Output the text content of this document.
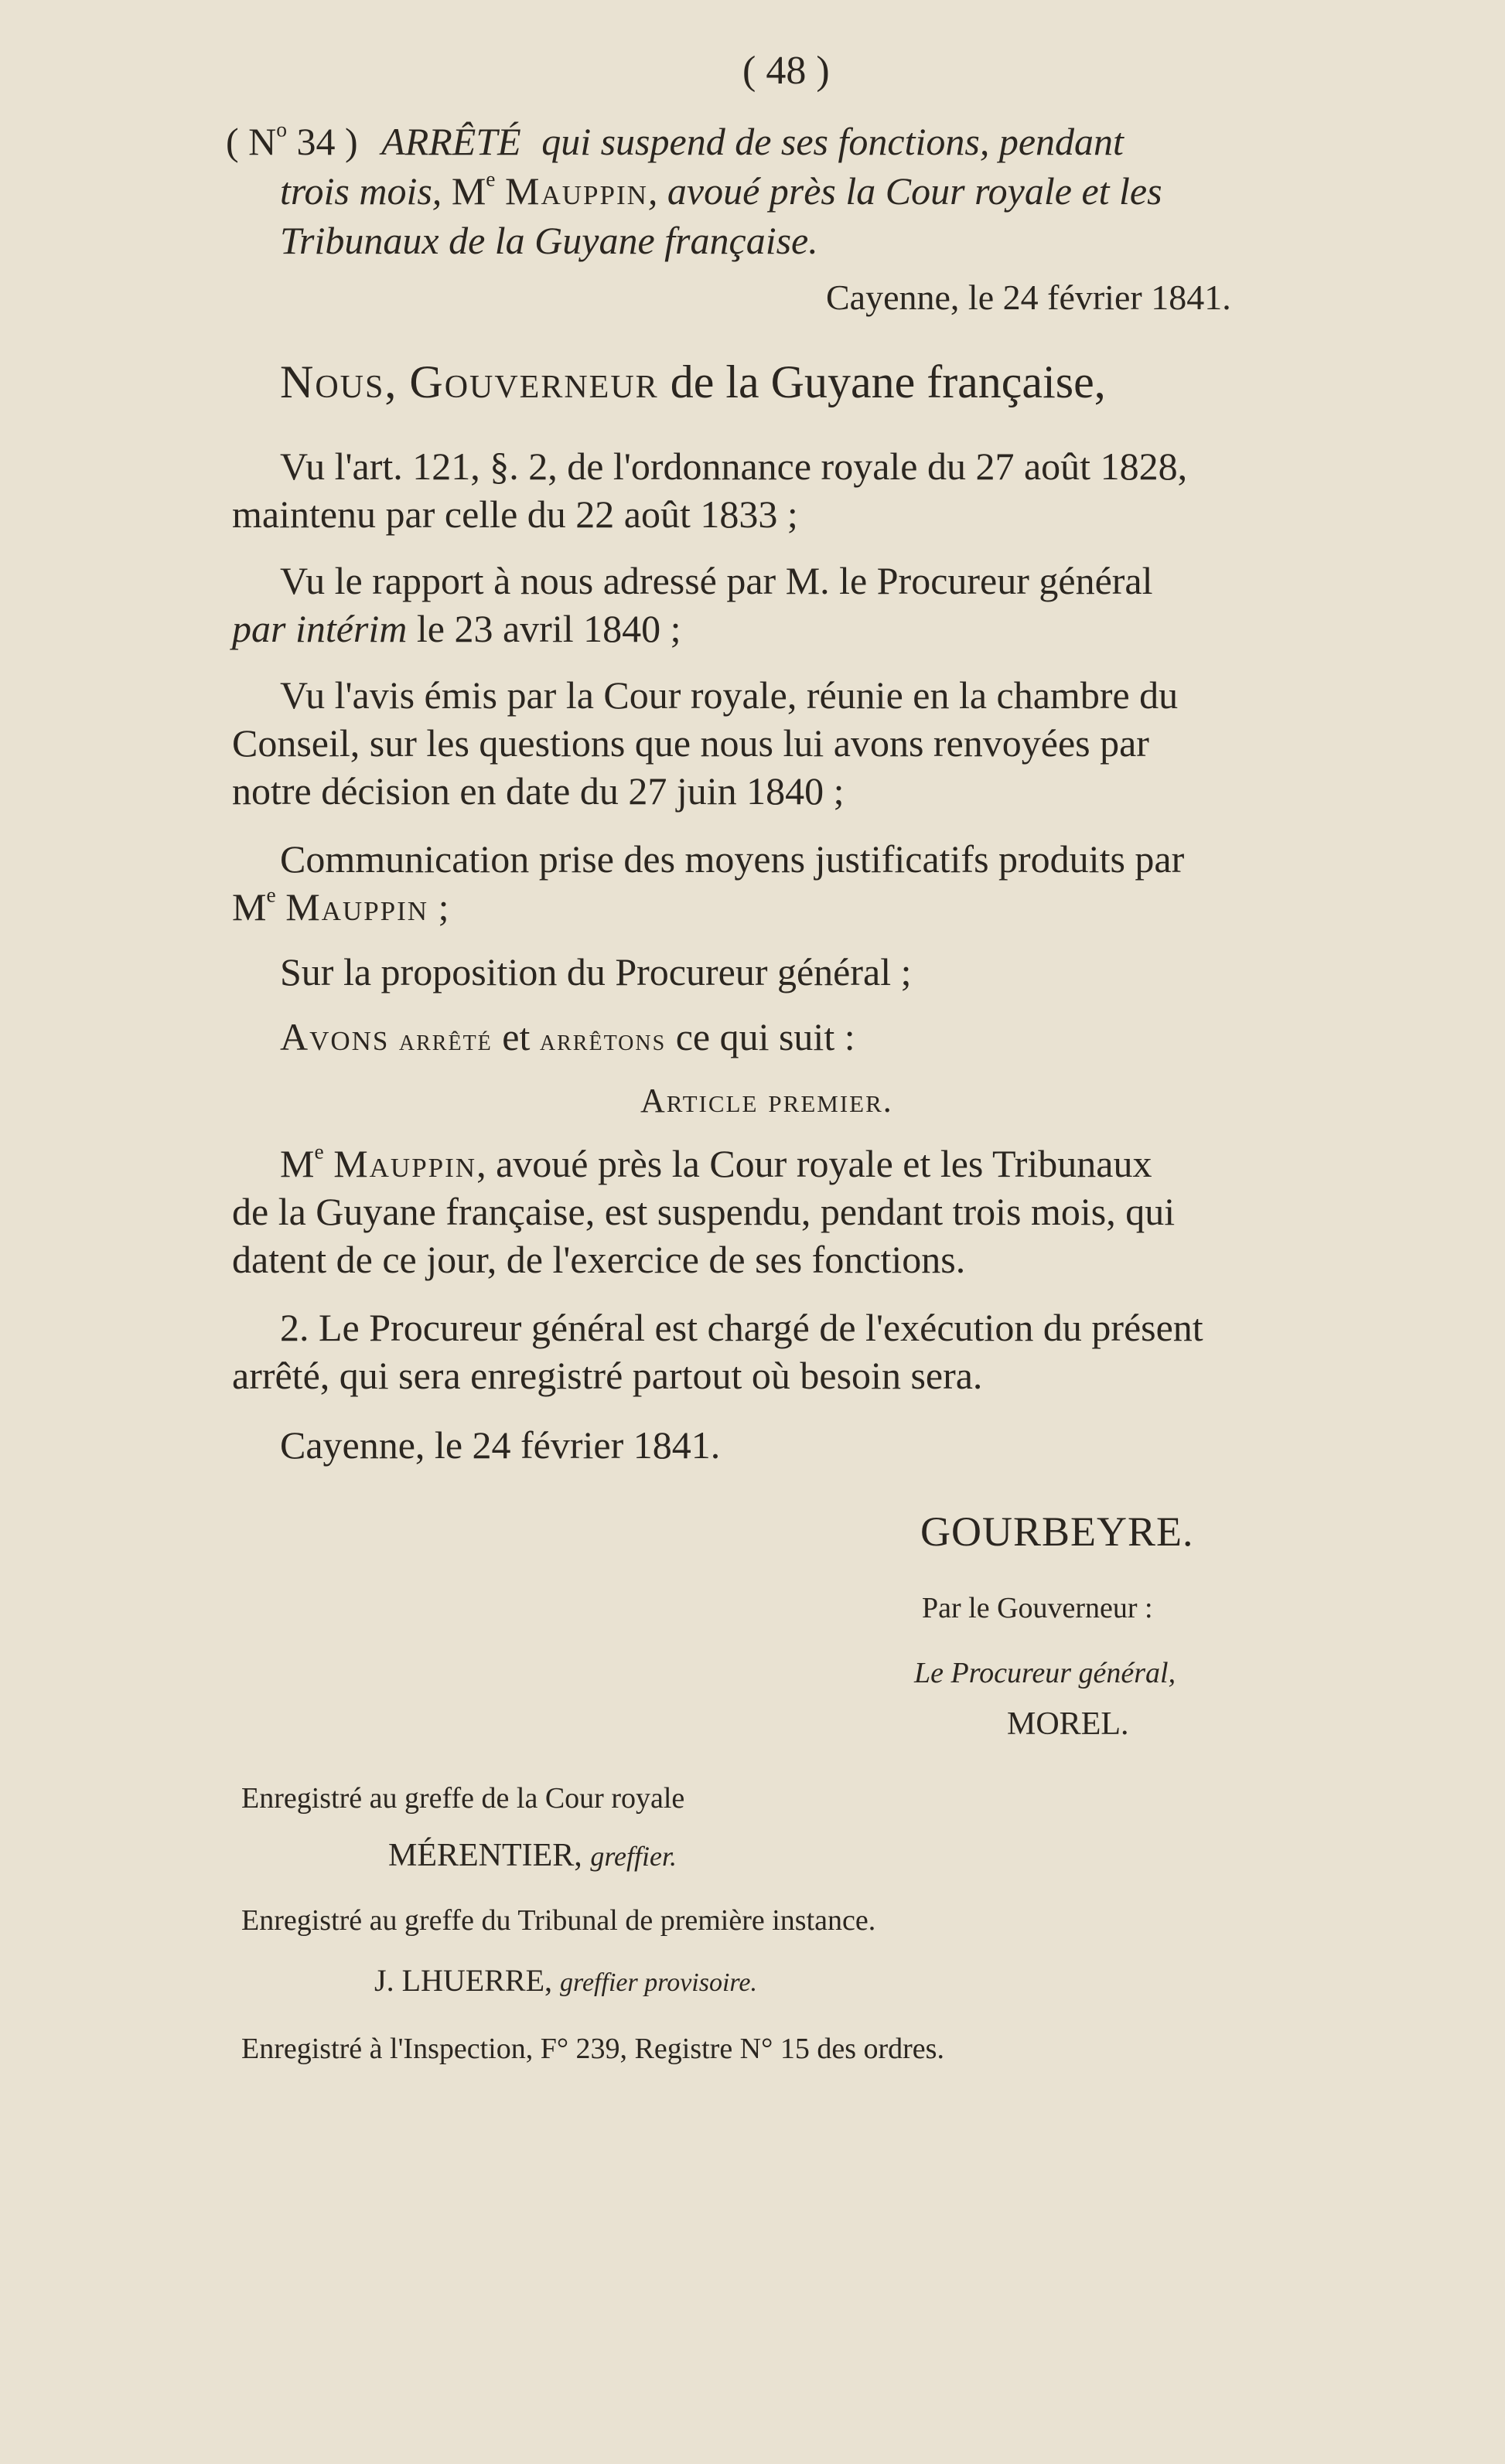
( 48 )
( $N^o$ 34 ) ARRÊTÉ qui suspend de ses fonctions, pendant
trois mois, Me Mauppin, avoué près la Cour royale et les
Tribunaux de la Guyane française.
Cayenne, le 24 février 1841.
Nous, Gouverneur de la Guyane française,
Vu l'art. 121, §. 2, de l'ordonnance royale du 27 août 1828,
maintenu par celle du 22 août 1833 ;
Vu le rapport à nous adressé par M. le Procureur général
par intérim le 23 avril 1840 ;
Vu l'avis émis par la Cour royale, réunie en la chambre du
Conseil, sur les questions que nous lui avons renvoyées par
notre décision en date du 27 juin 1840 ;
Communication prise des moyens justificatifs produits par
Me Mauppin ;
Sur la proposition du Procureur général ;
Avons arrêté et arrêtons ce qui suit :
Article premier.
Me Mauppin, avoué près la Cour royale et les Tribunaux
de la Guyane française, est suspendu, pendant trois mois, qui
datent de ce jour, de l'exercice de ses fonctions.
2. Le Procureur général est chargé de l'exécution du présent
arrêté, qui sera enregistré partout où besoin sera.
Cayenne, le 24 février 1841.
GOURBEYRE.
Par le Gouverneur :
Le Procureur général,
MOREL.
Enregistré au greffe de la Cour royale
MÉRENTIER, greffier.
Enregistré au greffe du Tribunal de première instance.
J. LHUERRE, greffier provisoire.
Enregistré à l'Inspection, F° 239, Registre N° 15 des ordres.
